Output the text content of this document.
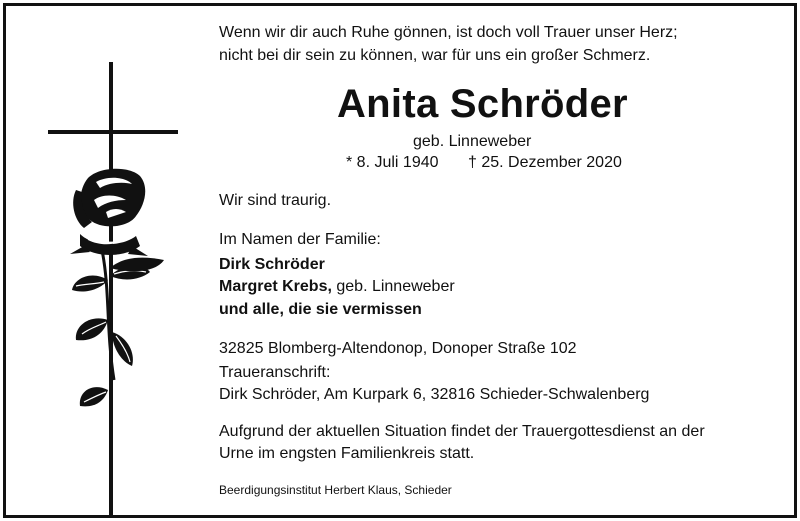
Wenn wir dir auch Ruhe gönnen, ist doch voll Trauer unser Herz;
nicht bei dir sein zu können, war für uns ein großer Schmerz.
Anita Schröder
geb. Linneweber
* 8. Juli 1940 † 25. Dezember 2020
Wir sind traurig.
Im Namen der Familie:
Dirk Schröder
Margret Krebs, geb. Linneweber
und alle, die sie vermissen
32825 Blomberg-Altendonop, Donoper Straße 102
Traueranschrift:
Dirk Schröder, Am Kurpark 6, 32816 Schieder-Schwalenberg
Aufgrund der aktuellen Situation findet der Trauergottesdienst an der
Urne im engsten Familienkreis statt.
Beerdigungsinstitut Herbert Klaus, Schieder
